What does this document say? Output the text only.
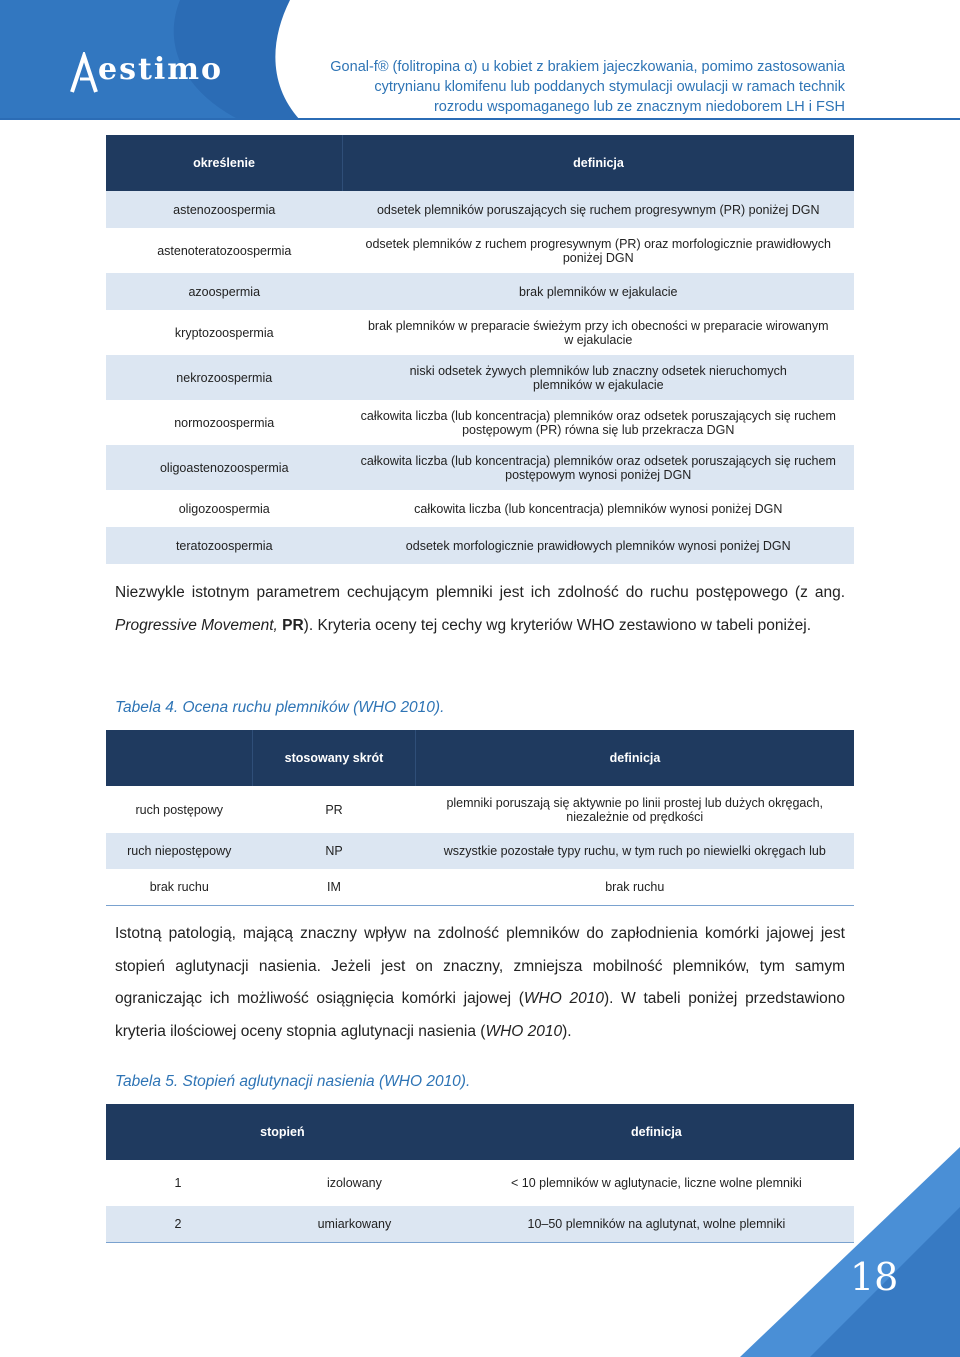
estimo	Gonal-f® (folitropina α) u kobiet z brakiem jajeczkowania, pomimo zastosowania
cytrynianu klomifenu lub poddanych stymulacji owulacji w ramach technik
rozrodu wspomaganego lub ze znacznym niedoborem LH i FSH
określenie	definicja
astenozoospermia	odsetek plemników poruszających się ruchem progresywnym (PR) poniżej DGN
astenoteratozoospermia	odsetek plemników z ruchem progresywnym (PR) oraz morfologicznie prawidłowych poniżej DGN
azoospermia	brak plemników w ejakulacie
kryptozoospermia	brak plemników w preparacie świeżym przy ich obecności w preparacie wirowanym w ejakulacie
nekrozoospermia	niski odsetek żywych plemników lub znaczny odsetek nieruchomych plemników w ejakulacie
normozoospermia	całkowita liczba (lub koncentracja) plemników oraz odsetek poruszających się ruchem postępowym (PR) równa się lub przekracza DGN
oligoastenozoospermia	całkowita liczba (lub koncentracja) plemników oraz odsetek poruszających się ruchem postępowym wynosi poniżej DGN
oligozoospermia	całkowita liczba (lub koncentracja) plemników wynosi poniżej DGN
teratozoospermia	odsetek morfologicznie prawidłowych plemników wynosi poniżej DGN
Niezwykle istotnym parametrem cechującym plemniki jest ich zdolność do ruchu postępowego (z ang. Progressive Movement, PR). Kryteria oceny tej cechy wg kryteriów WHO zestawiono w tabeli poniżej.
Tabela 4. Ocena ruchu plemników (WHO 2010).
	stosowany skrót	definicja
ruch postępowy	PR	plemniki poruszają się aktywnie po linii prostej lub dużych okręgach, niezależnie od prędkości
ruch niepostępowy	NP	wszystkie pozostałe typy ruchu, w tym ruch po niewielki okręgach lub
brak ruchu	IM	brak ruchu
Istotną patologią, mającą znaczny wpływ na zdolność plemników do zapłodnienia komórki jajowej jest stopień aglutynacji nasienia. Jeżeli jest on znaczny, zmniejsza mobilność plemników, tym samym ograniczając ich możliwość osiągnięcia komórki jajowej (WHO 2010). W tabeli poniżej przedstawiono kryteria ilościowej oceny stopnia aglutynacji nasienia (WHO 2010).
Tabela 5. Stopień aglutynacji nasienia (WHO 2010).
stopień		definicja
1	izolowany	< 10 plemników w aglutynacie, liczne wolne plemniki
2	umiarkowany	10–50 plemników na aglutynat, wolne plemniki
18
